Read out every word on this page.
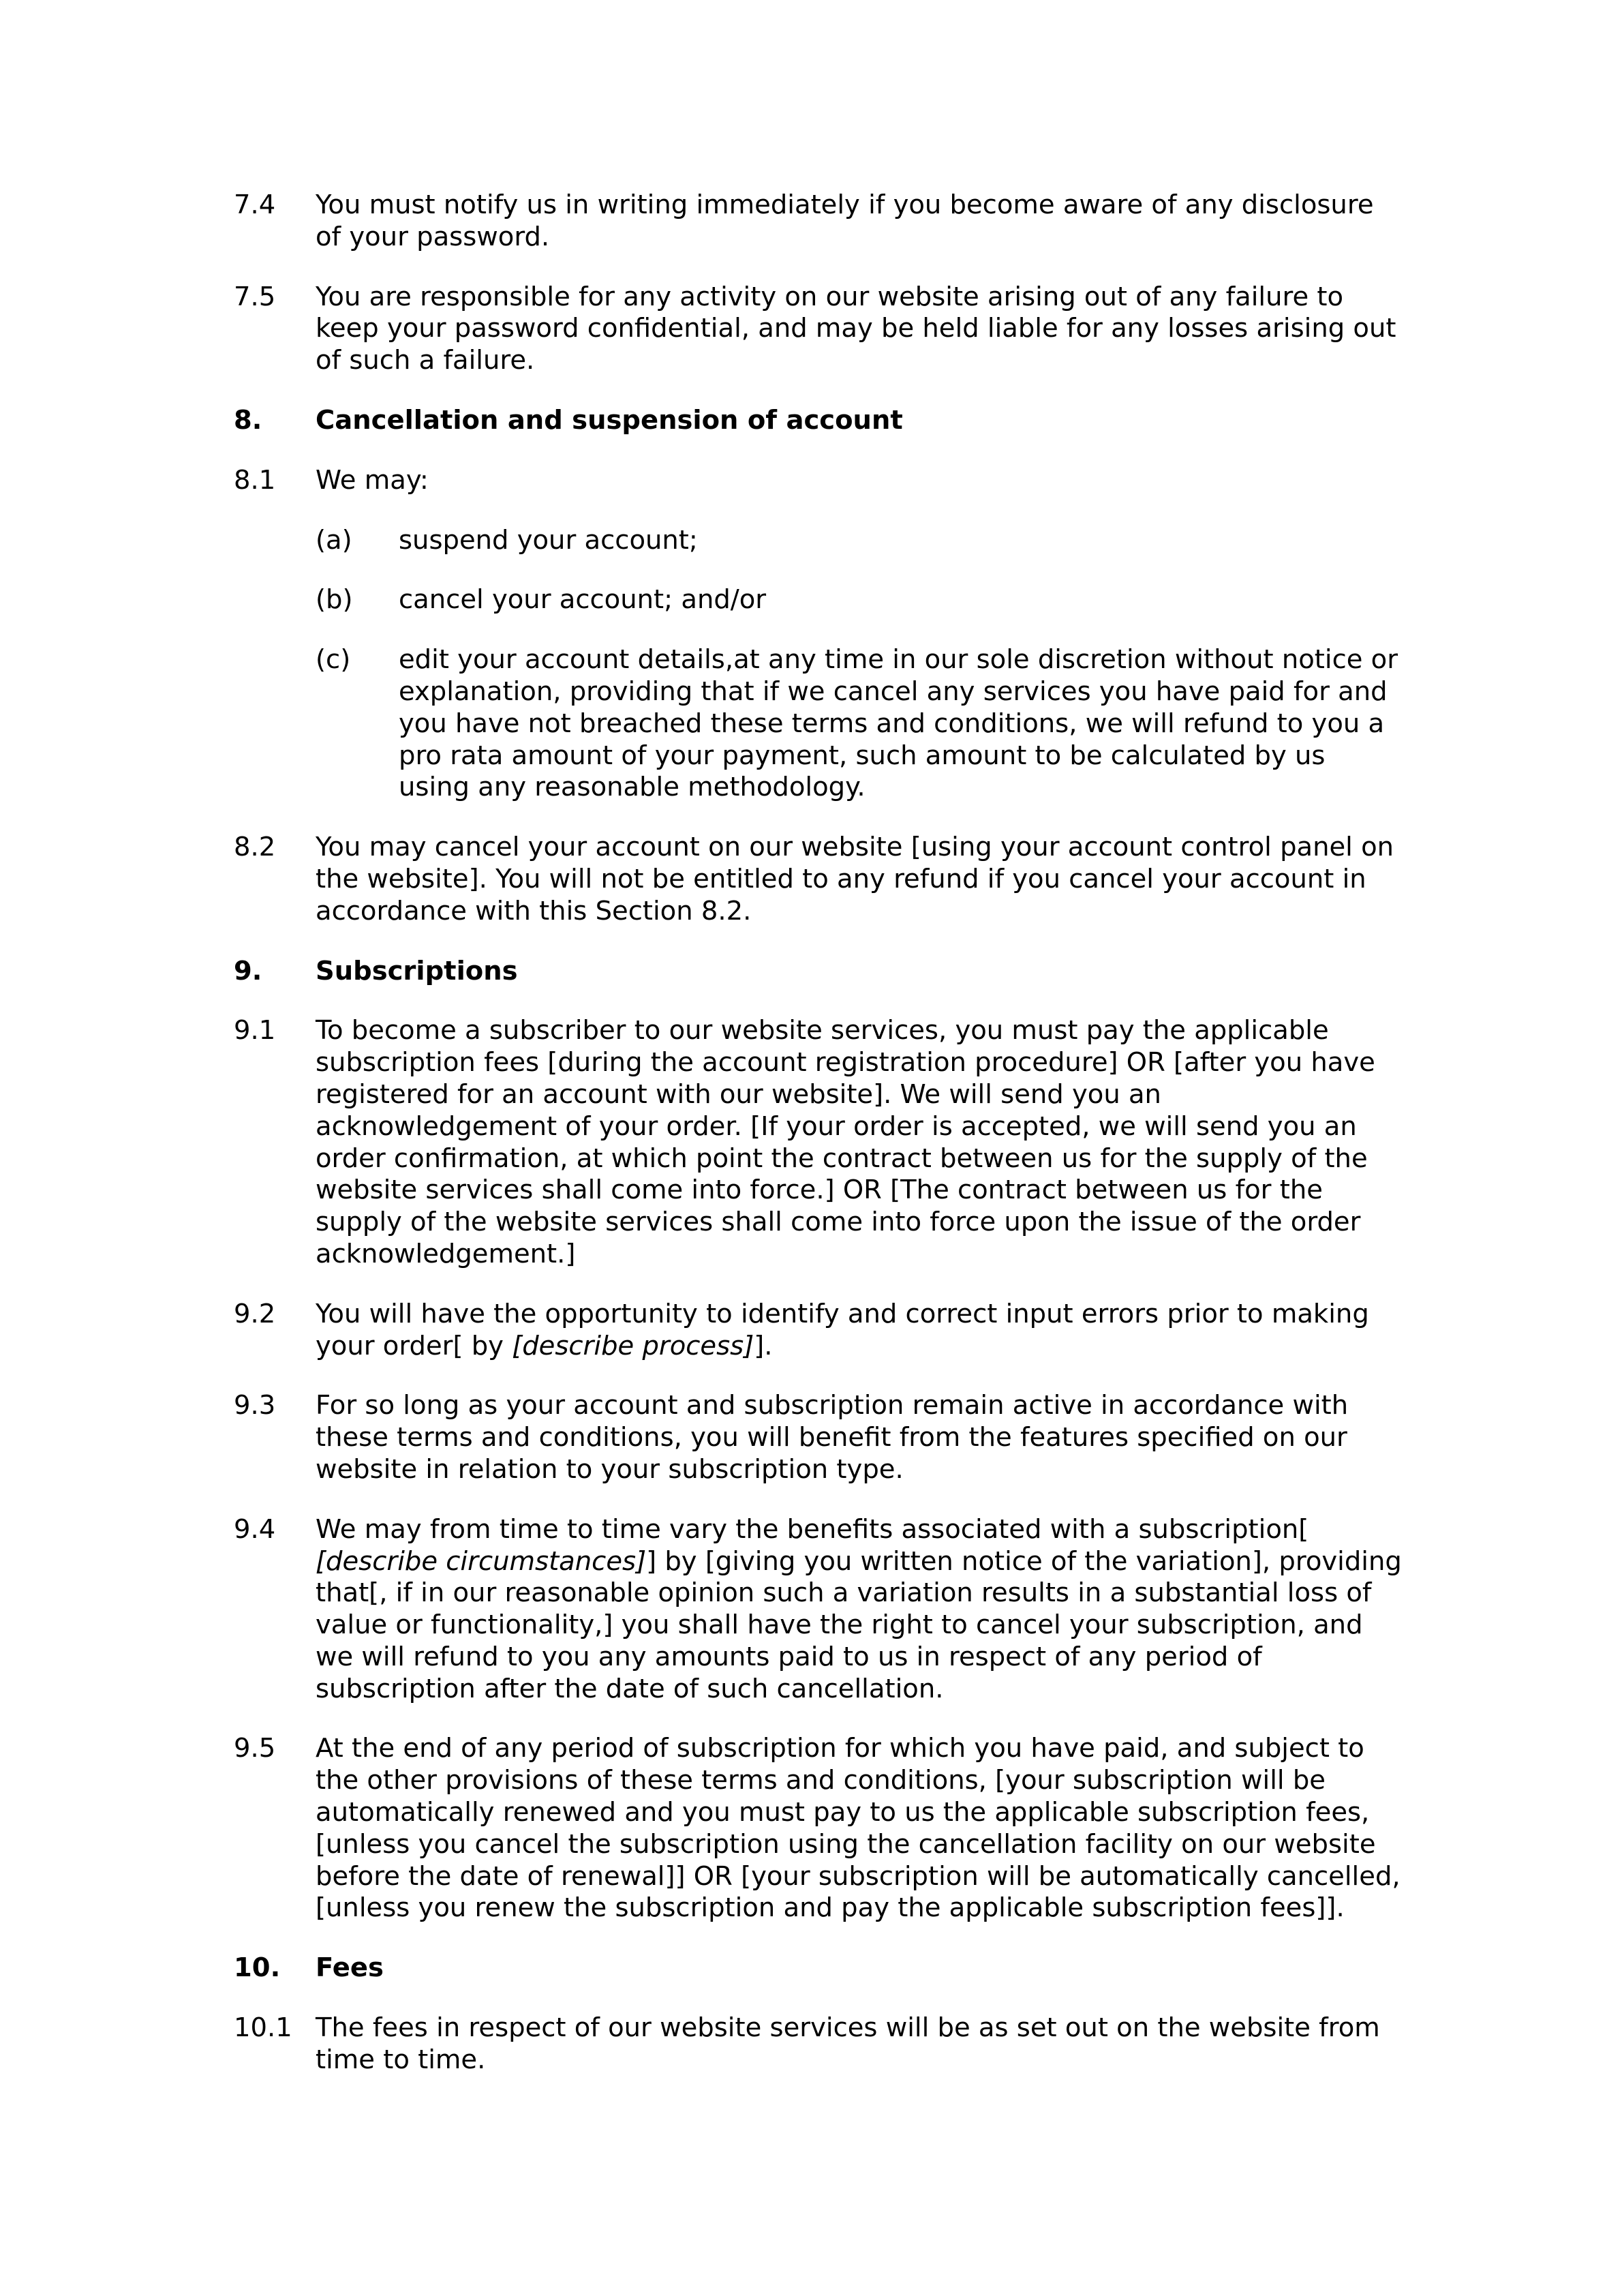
7.4	You must notify us in writing immediately if you become aware of any disclosure of your password.
7.5	You are responsible for any activity on our website arising out of any failure to keep your password confidential, and may be held liable for any losses arising out of such a failure.
8.	Cancellation and suspension of account
8.1	We may:
(a)	suspend your account;
(b)	cancel your account; and/or
(c)	edit your account details,at any time in our sole discretion without notice or explanation, providing that if we cancel any services you have paid for and you have not breached these terms and conditions, we will refund to you a pro rata amount of your payment, such amount to be calculated by us using any reasonable methodology.
8.2	You may cancel your account on our website [using your account control panel on the website]. You will not be entitled to any refund if you cancel your account in accordance with this Section 8.2.
9.	Subscriptions
9.1	To become a subscriber to our website services, you must pay the applicable subscription fees [during the account registration procedure] OR [after you have registered for an account with our website]. We will send you an acknowledgement of your order. [If your order is accepted, we will send you an order confirmation, at which point the contract between us for the supply of the website services shall come into force.] OR [The contract between us for the supply of the website services shall come into force upon the issue of the order acknowledgement.]
9.2	You will have the opportunity to identify and correct input errors prior to making your order[ by [describe process]].
9.3	For so long as your account and subscription remain active in accordance with these terms and conditions, you will benefit from the features specified on our website in relation to your subscription type.
9.4	We may from time to time vary the benefits associated with a subscription[ [describe circumstances]] by [giving you written notice of the variation], providing that[, if in our reasonable opinion such a variation results in a substantial loss of value or functionality,] you shall have the right to cancel your subscription, and we will refund to you any amounts paid to us in respect of any period of subscription after the date of such cancellation.
9.5	At the end of any period of subscription for which you have paid, and subject to the other provisions of these terms and conditions, [your subscription will be automatically renewed and you must pay to us the applicable subscription fees, [unless you cancel the subscription using the cancellation facility on our website before the date of renewal]] OR [your subscription will be automatically cancelled, [unless you renew the subscription and pay the applicable subscription fees]].
10.	Fees
10.1 The fees in respect of our website services will be as set out on the website from time to time.
